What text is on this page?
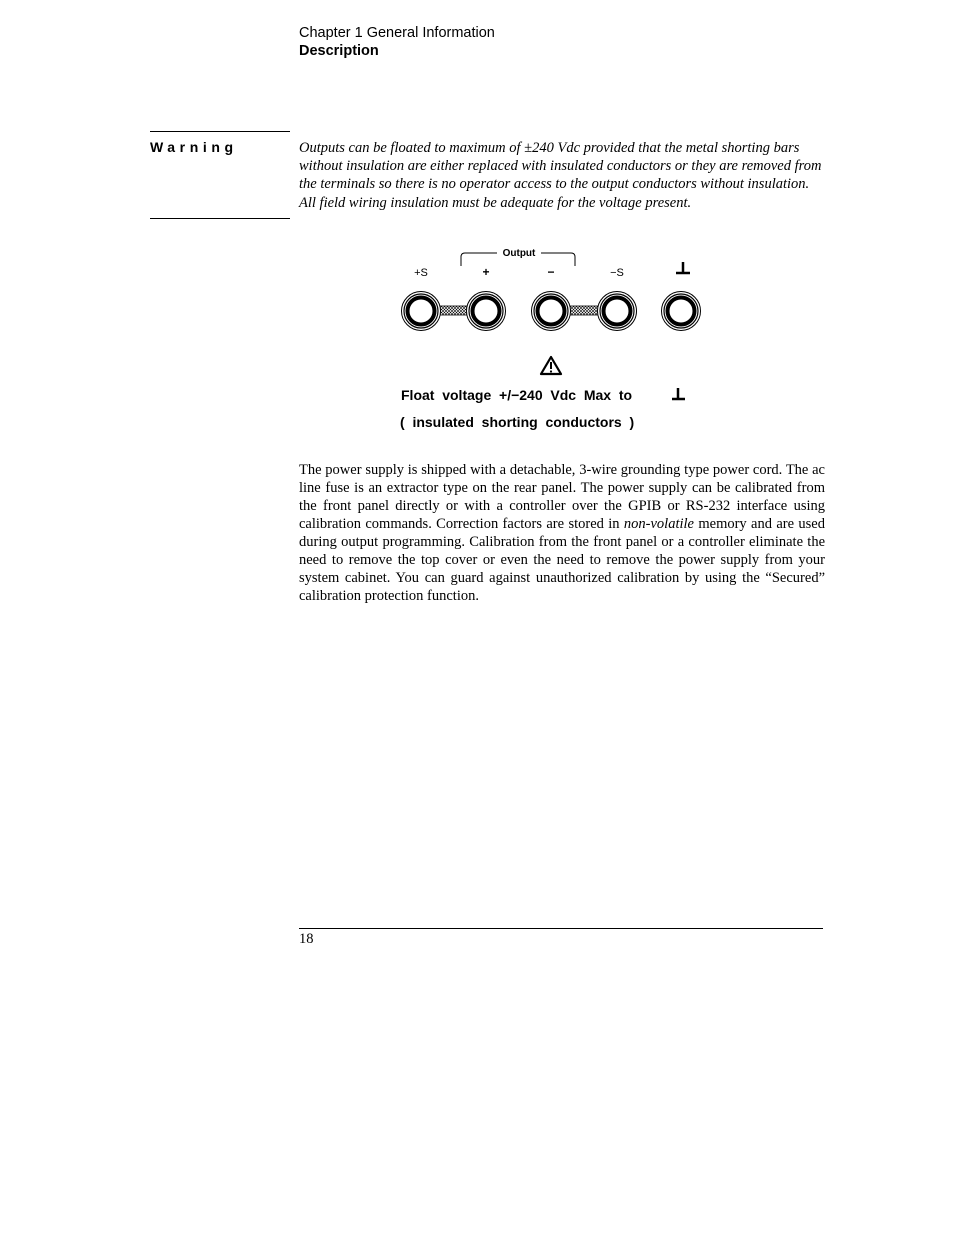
Chapter 1 General Information
Description
Warning	Outputs can be floated to maximum of ±240 Vdc provided that the metal shorting bars without insulation are either replaced with insulated conductors or they are removed from the terminals so there is no operator access to the output conductors without insulation. All field wiring insulation must be adequate for the voltage present.
Output
+S	+	−	−S
Float  voltage  +/−240  Vdc  Max  to
(  insulated  shorting  conductors  )
The power supply is shipped with a detachable, 3-wire grounding type power cord. The ac line fuse is an extractor type on the rear panel. The power supply can be calibrated from the front panel directly or with a controller over the GPIB or RS-232 interface using calibration commands. Correction factors are stored in non-volatile memory and are used during output programming. Calibration from the front panel or a controller eliminate the need to remove the top cover or even the need to remove the power supply from your system cabinet. You can guard against unauthorized calibration by using the “Secured” calibration protection function.
18
